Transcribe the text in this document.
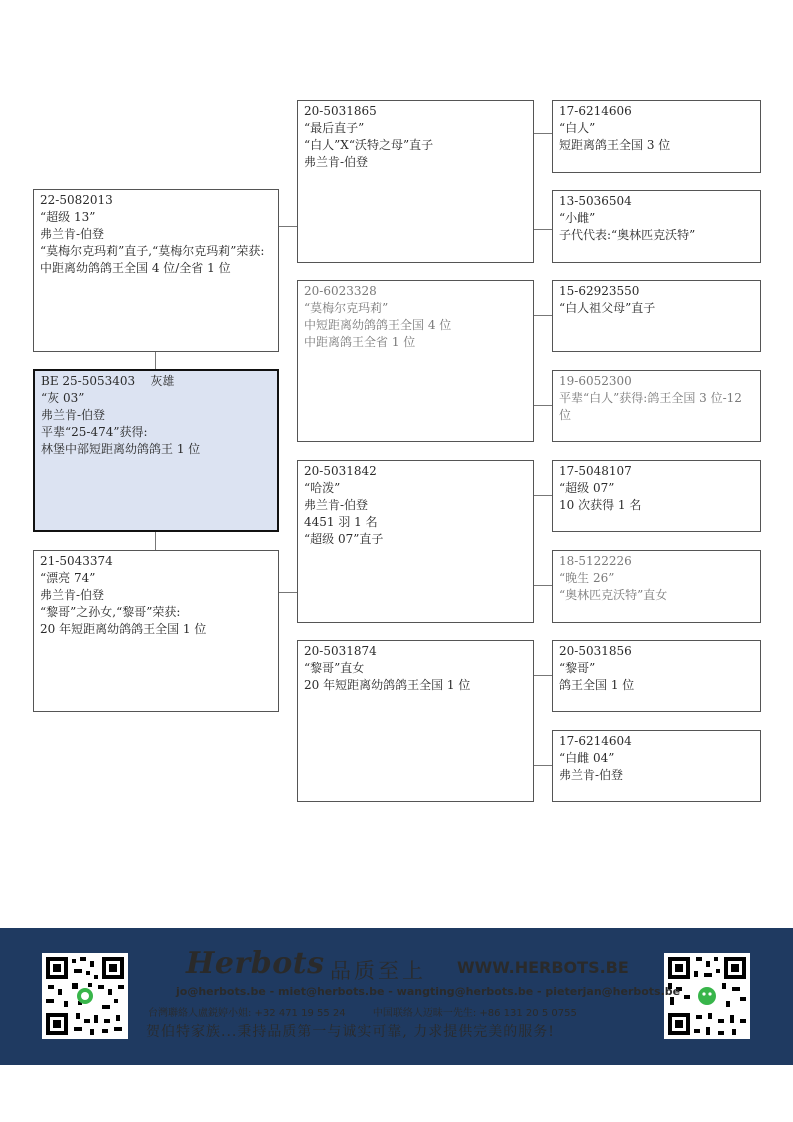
22-5082013
“超级 13”
弗兰肯-伯登
“莫梅尔克玛莉”直子,“莫梅尔克玛莉”荣获:中距离幼鸽鸽王全国 4 位/全省 1 位
BE 25-5053403    灰雄
“灰 03”
弗兰肯-伯登
平辈“25-474”获得:
林堡中部短距离幼鸽鸽王 1 位
21-5043374
“漂亮 74”
弗兰肯-伯登
“黎哥”之孙女,“黎哥”荣获:
20 年短距离幼鸽鸽王全国 1 位
20-5031865
“最后直子”
“白人”X“沃特之母”直子
弗兰肯-伯登
20-6023328
“莫梅尔克玛莉”
中短距离幼鸽鸽王全国 4 位
中距离鸽王全省 1 位
20-5031842
“哈泼”
弗兰肯-伯登
4451 羽 1 名
“超级 07”直子
20-5031874
“黎哥”直女
20 年短距离幼鸽鸽王全国 1 位
17-6214606
“白人”
短距离鸽王全国 3 位
13-5036504
“小雌”
子代代表:“奥林匹克沃特”
15-62923550
“白人祖父母”直子
19-6052300
平辈“白人”获得:鸽王全国 3 位-12 位
17-5048107
“超级 07”
10 次获得 1 名
18-5122226
“晚生 26”
“奥林匹克沃特”直女
20-5031856
“黎哥”
鸽王全国 1 位
17-6214604
“白雌 04”
弗兰肯-伯登
Herbots 品质至上 WWW.HERBOTS.BE
jo@herbots.be - miet@herbots.be - wangting@herbots.be - pieterjan@herbots.be
台灣聯絡人盧鋭婷小姐: +32 471 19 55 24	中国联络人迈昧一先生: +86 131 20 5 0755
贺伯特家族...秉持品质第一与诚实可靠, 力求提供完美的服务!
